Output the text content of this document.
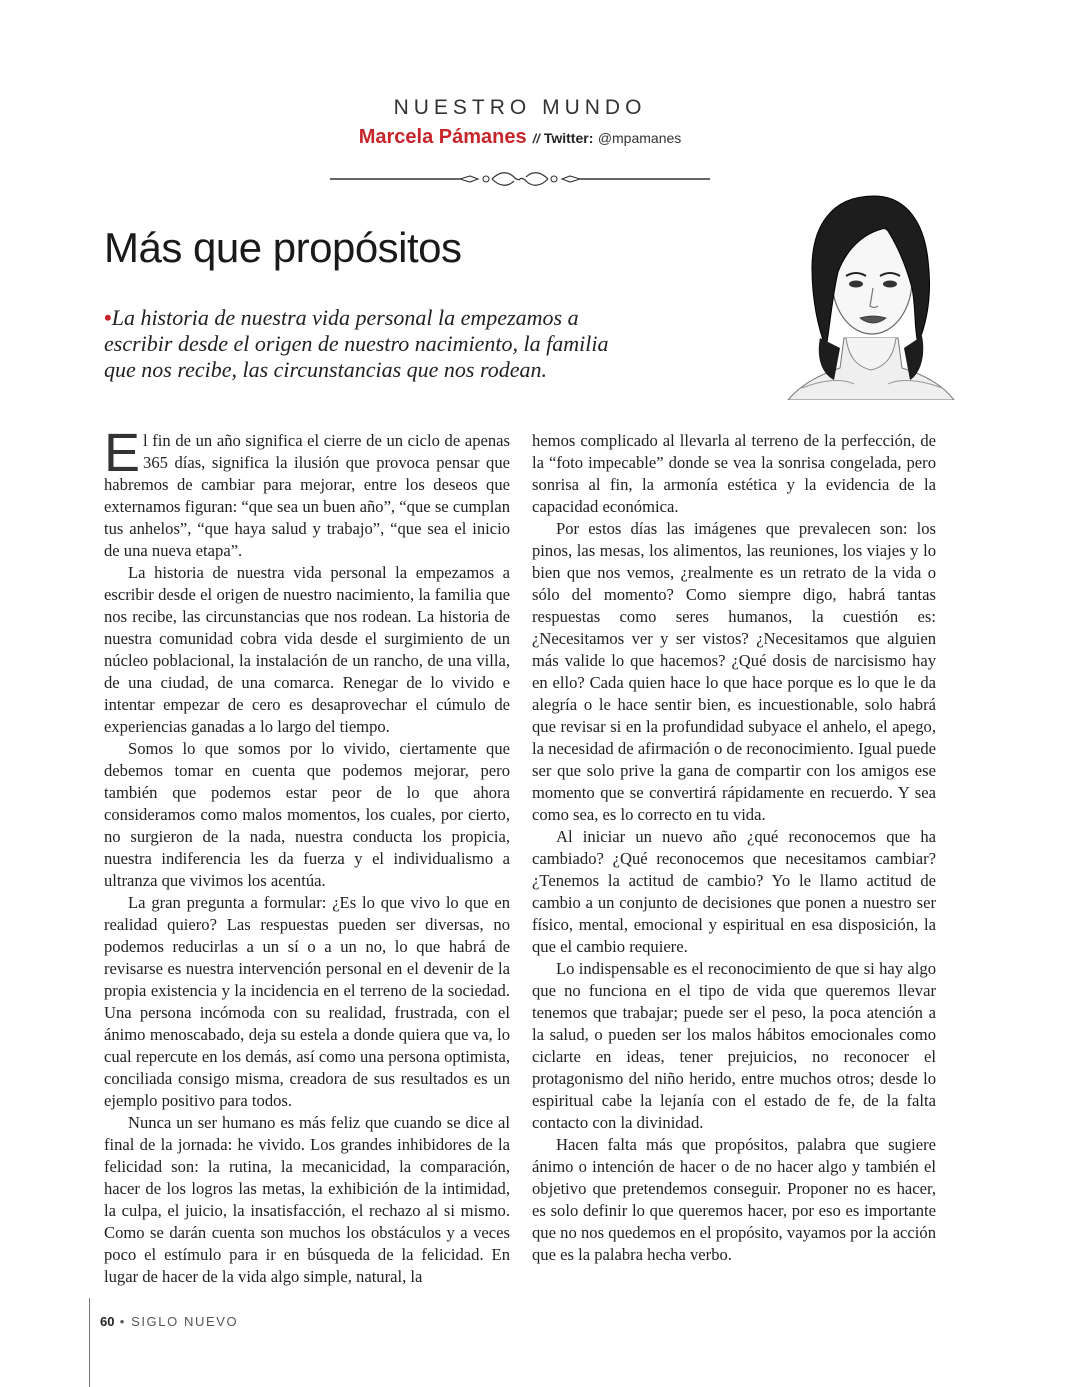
NUESTRO MUNDO
Marcela Pámanes // Twitter: @mpamanes
Más que propósitos
•La historia de nuestra vida personal la empezamos a escribir desde el origen de nuestro nacimiento, la familia que nos recibe, las circunstancias que nos rodean.

El fin de un año significa el cierre de un ciclo de apenas 365 días, significa la ilusión que provoca pensar que habremos de cambiar para mejorar, entre los deseos que externamos figuran: “que sea un buen año”, “que se cumplan tus anhelos”, “que haya salud y trabajo”, “que sea el inicio de una nueva etapa”.

La historia de nuestra vida personal la empezamos a escribir desde el origen de nuestro nacimiento, la familia que nos recibe, las circunstancias que nos rodean. La historia de nuestra comunidad cobra vida desde el surgimiento de un núcleo poblacional, la instalación de un rancho, de una villa, de una ciudad, de una comarca. Renegar de lo vivido e intentar empezar de cero es desaprovechar el cúmulo de experiencias ganadas a lo largo del tiempo.

Somos lo que somos por lo vivido, ciertamente que debemos tomar en cuenta que podemos mejorar, pero también que podemos estar peor de lo que ahora consideramos como malos momentos, los cuales, por cierto, no surgieron de la nada, nuestra conducta los propicia, nuestra indiferencia les da fuerza y el individualismo a ultranza que vivimos los acentúa.

La gran pregunta a formular: ¿Es lo que vivo lo que en realidad quiero? Las respuestas pueden ser diversas, no podemos reducirlas a un sí o a un no, lo que habrá de revisarse es nuestra intervención personal en el devenir de la propia existencia y la incidencia en el terreno de la sociedad. Una persona incómoda con su realidad, frustrada, con el ánimo menoscabado, deja su estela a donde quiera que va, lo cual repercute en los demás, así como una persona optimista, conciliada consigo misma, creadora de sus resultados es un ejemplo positivo para todos.

Nunca un ser humano es más feliz que cuando se dice al final de la jornada: he vivido. Los grandes inhibidores de la felicidad son: la rutina, la mecanicidad, la comparación, hacer de los logros las metas, la exhibición de la intimidad, la culpa, el juicio, la insatisfacción, el rechazo al si mismo. Como se darán cuenta son muchos los obstáculos y a veces poco el estímulo para ir en búsqueda de la felicidad. En lugar de hacer de la vida algo simple, natural, la

hemos complicado al llevarla al terreno de la perfección, de la “foto impecable” donde se vea la sonrisa congelada, pero sonrisa al fin, la armonía estética y la evidencia de la capacidad económica.

Por estos días las imágenes que prevalecen son: los pinos, las mesas, los alimentos, las reuniones, los viajes y lo bien que nos vemos, ¿realmente es un retrato de la vida o sólo del momento? Como siempre digo, habrá tantas respuestas como seres humanos, la cuestión es: ¿Necesitamos ver y ser vistos? ¿Necesitamos que alguien más valide lo que hacemos? ¿Qué dosis de narcisismo hay en ello? Cada quien hace lo que hace porque es lo que le da alegría o le hace sentir bien, es incuestionable, solo habrá que revisar si en la profundidad subyace el anhelo, el apego, la necesidad de afirmación o de reconocimiento. Igual puede ser que solo prive la gana de compartir con los amigos ese momento que se convertirá rápidamente en recuerdo. Y sea como sea, es lo correcto en tu vida.

Al iniciar un nuevo año ¿qué reconocemos que ha cambiado? ¿Qué reconocemos que necesitamos cambiar? ¿Tenemos la actitud de cambio? Yo le llamo actitud de cambio a un conjunto de decisiones que ponen a nuestro ser físico, mental, emocional y espiritual en esa disposición, la que el cambio requiere.

Lo indispensable es el reconocimiento de que si hay algo que no funciona en el tipo de vida que queremos llevar tenemos que trabajar; puede ser el peso, la poca atención a la salud, o pueden ser los malos hábitos emocionales como ciclarte en ideas, tener prejuicios, no reconocer el protagonismo del niño herido, entre muchos otros; desde lo espiritual cabe la lejanía con el estado de fe, de la falta contacto con la divinidad.

Hacen falta más que propósitos, palabra que sugiere ánimo o intención de hacer o de no hacer algo y también el objetivo que pretendemos conseguir. Proponer no es hacer, es solo definir lo que queremos hacer, por eso es importante que no nos quedemos en el propósito, vayamos por la acción que es la palabra hecha verbo.

60 • SIGLO NUEVO
